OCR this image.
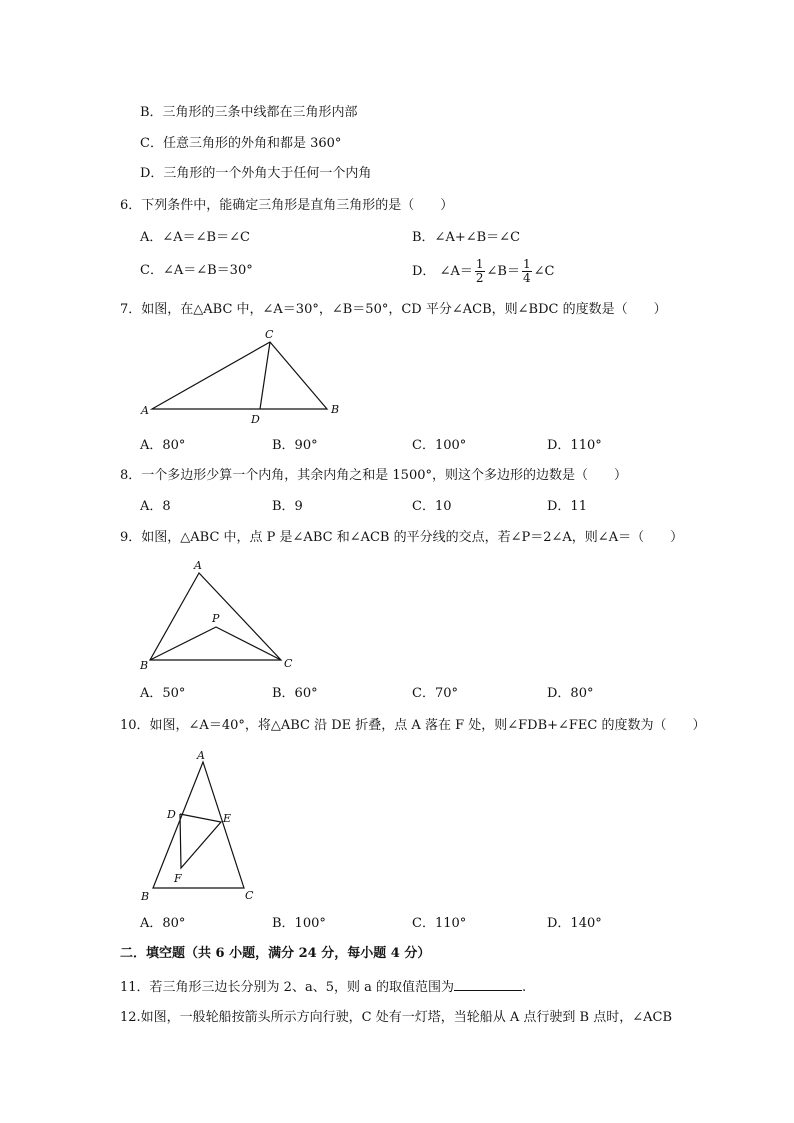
B．三角形的三条中线都在三角形内部
C．任意三角形的外角和都是 360°
D．三角形的一个外角大于任何一个内角
6．下列条件中，能确定三角形是直角三角形的是（　　）
A．∠A＝∠B＝∠C	B．∠A+∠B＝∠C
C．∠A＝∠B＝30°	D． ∠A＝ $\frac{1}{2}$ ∠B＝ $\frac{1}{4}$ ∠C
7．如图，在△ABC 中，∠A＝30°，∠B＝50°，CD 平分∠ACB，则∠BDC 的度数是（　　）
A	B
C
D
A．80°	B．90°	C．100°	D．110°
8．一个多边形少算一个内角，其余内角之和是 1500°，则这个多边形的边数是（　　）
A．8	B．9	C．10	D．11
9．如图，△ABC 中，点 P 是∠ABC 和∠ACB 的平分线的交点，若∠P＝2∠A，则∠A＝（　　）
A
B	C
P
A．50°	B．60°	C．70°	D．80°
10．如图，∠A＝40°，将△ABC 沿 DE 折叠，点 A 落在 F 处，则∠FDB+∠FEC 的度数为（　　）
A
B	C
D	E
F
A．80°	B．100°	C．110°	D．140°
二．填空题（共 6 小题，满分 24 分，每小题 4 分）
11．若三角形三边长分别为 2、a、5，则 a 的取值范围为	.
12.如图，一般轮船按箭头所示方向行驶，C 处有一灯塔，当轮船从 A 点行驶到 B 点时，∠ACB
